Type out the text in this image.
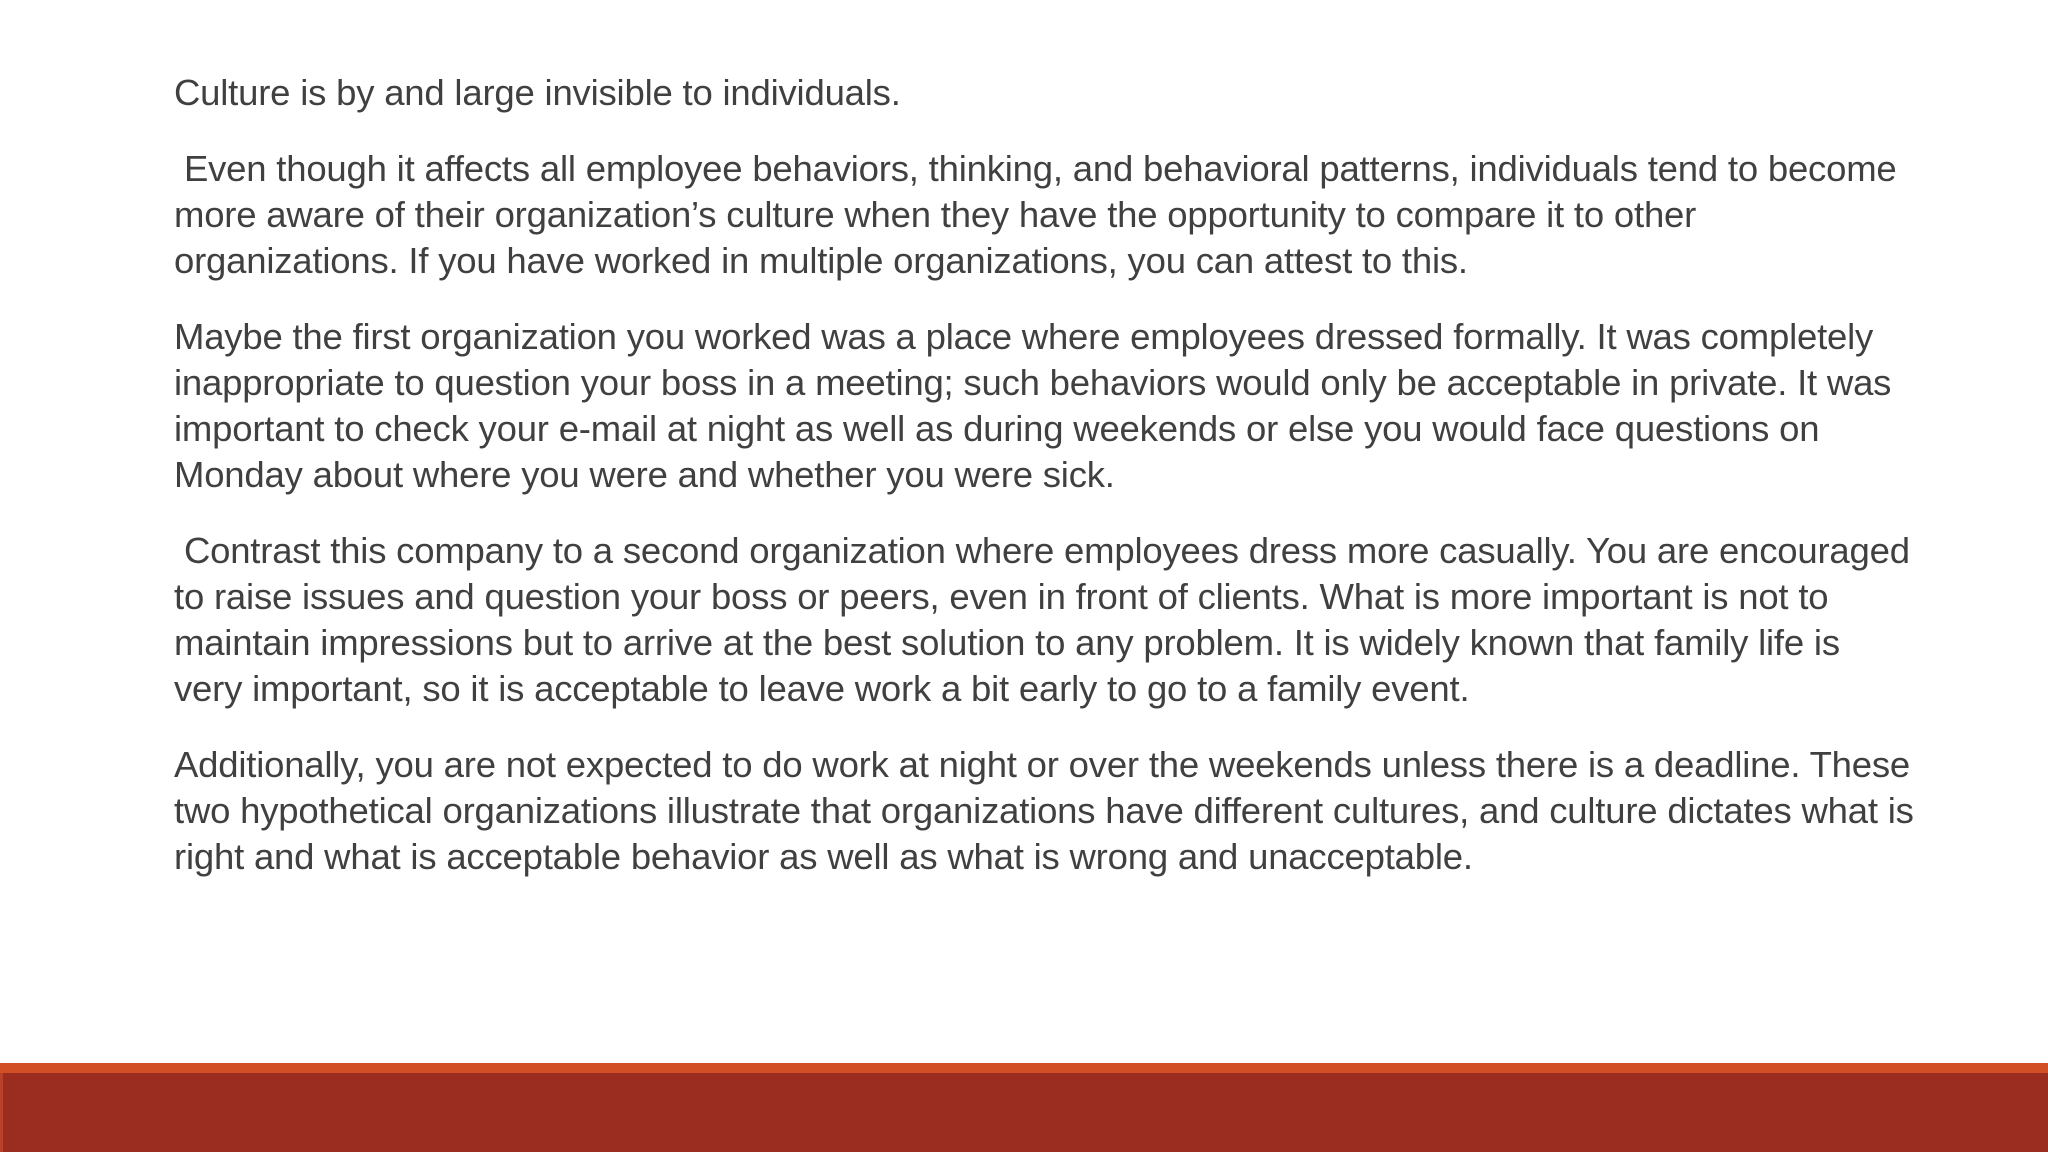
Culture is by and large invisible to individuals.

Even though it affects all employee behaviors, thinking, and behavioral patterns, individuals tend to become more aware of their organization’s culture when they have the opportunity to compare it to other organizations. If you have worked in multiple organizations, you can attest to this.

Maybe the first organization you worked was a place where employees dressed formally. It was completely inappropriate to question your boss in a meeting; such behaviors would only be acceptable in private. It was important to check your e-mail at night as well as during weekends or else you would face questions on Monday about where you were and whether you were sick.

Contrast this company to a second organization where employees dress more casually. You are encouraged to raise issues and question your boss or peers, even in front of clients. What is more important is not to maintain impressions but to arrive at the best solution to any problem. It is widely known that family life is very important, so it is acceptable to leave work a bit early to go to a family event.

Additionally, you are not expected to do work at night or over the weekends unless there is a deadline. These two hypothetical organizations illustrate that organizations have different cultures, and culture dictates what is right and what is acceptable behavior as well as what is wrong and unacceptable.
